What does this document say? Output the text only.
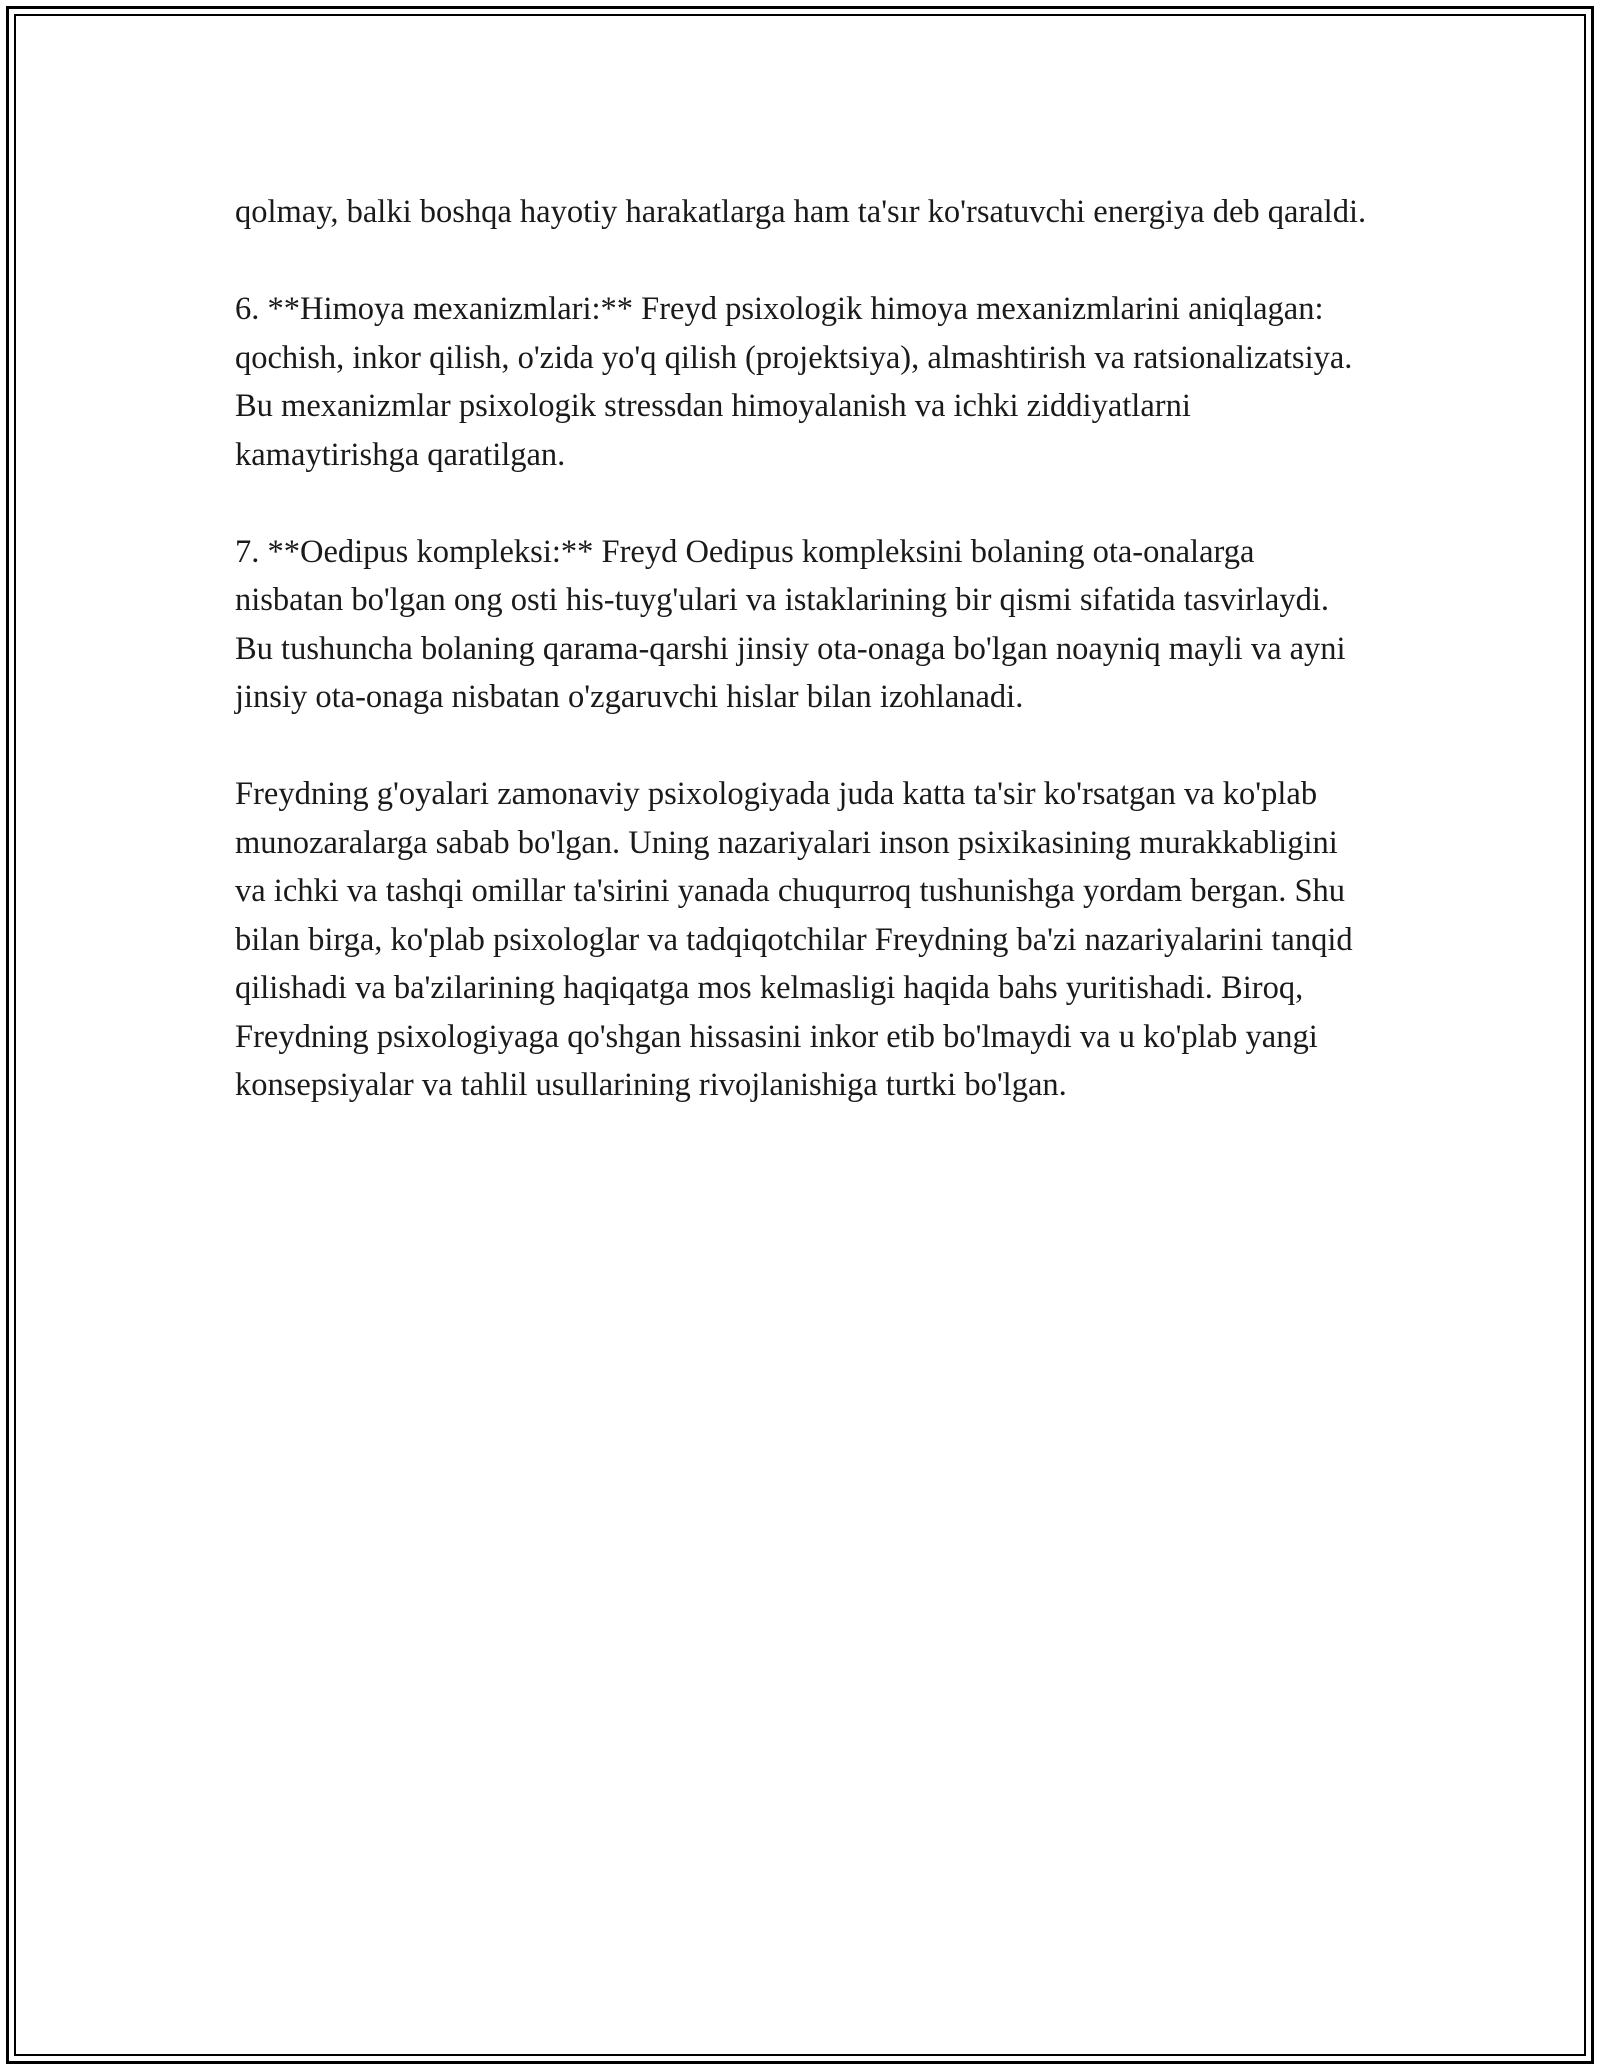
qolmay, balki boshqa hayotiy harakatlarga ham ta'sır ko'rsatuvchi energiya deb qaraldi.

6. **Himoya mexanizmlari:** Freyd psixologik himoya mexanizmlarini aniqlagan: qochish, inkor qilish, o'zida yo'q qilish (projektsiya), almashtirish va ratsionalizatsiya. Bu mexanizmlar psixologik stressdan himoyalanish va ichki ziddiyatlarni kamaytirishga qaratilgan.

7. **Oedipus kompleksi:** Freyd Oedipus kompleksini bolaning ota-onalarga nisbatan bo'lgan ong osti his-tuyg'ulari va istaklarining bir qismi sifatida tasvirlaydi. Bu tushuncha bolaning qarama-qarshi jinsiy ota-onaga bo'lgan noayniq mayli va ayni jinsiy ota-onaga nisbatan o'zgaruvchi hislar bilan izohlanadi.

Freydning g'oyalari zamonaviy psixologiyada juda katta ta'sir ko'rsatgan va ko'plab munozaralarga sabab bo'lgan. Uning nazariyalari inson psixikasining murakkabligini va ichki va tashqi omillar ta'sirini yanada chuqurroq tushunishga yordam bergan. Shu bilan birga, ko'plab psixologlar va tadqiqotchilar Freydning ba'zi nazariyalarini tanqid qilishadi va ba'zilarining haqiqatga mos kelmasligi haqida bahs yuritishadi. Biroq, Freydning psixologiyaga qo'shgan hissasini inkor etib bo'lmaydi va u ko'plab yangi konsepsiyalar va tahlil usullarining rivojlanishiga turtki bo'lgan.
